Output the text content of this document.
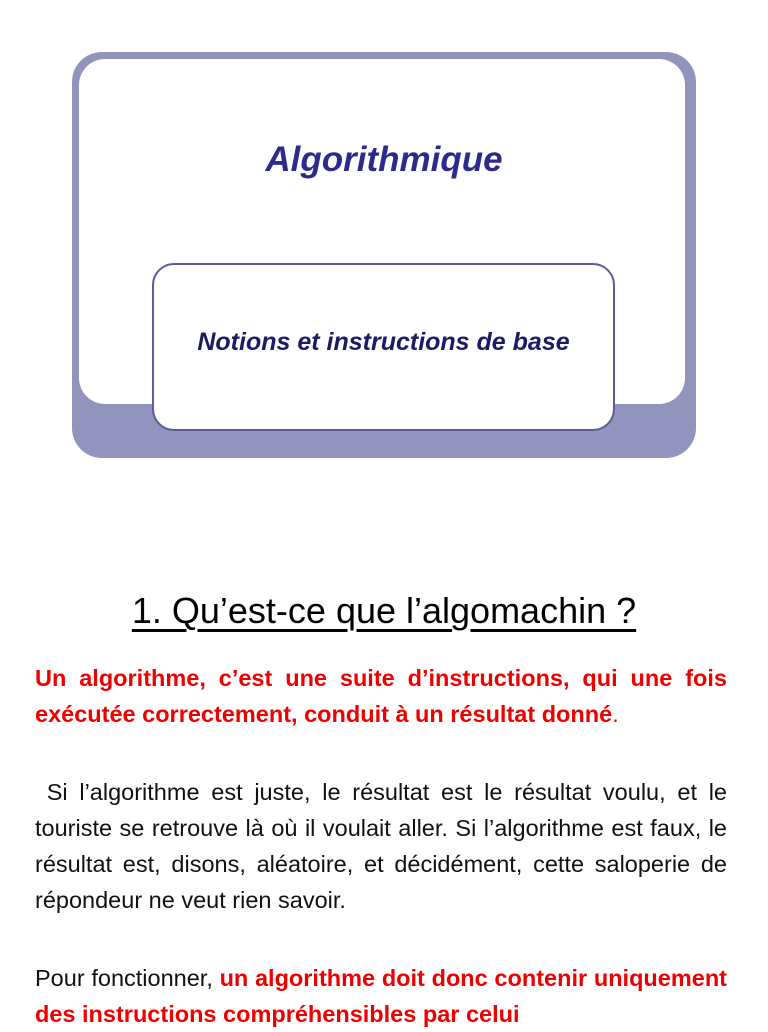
Algorithmique

Notions et instructions de base

1. Qu’est-ce que l’algomachin ?

Un algorithme, c’est une suite d’instructions, qui une fois exécutée correctement, conduit à un résultat donné.

Si l’algorithme est juste, le résultat est le résultat voulu, et le touriste se retrouve là où il voulait aller. Si l’algorithme est faux, le résultat est, disons, aléatoire, et décidément, cette saloperie de répondeur ne veut rien savoir.

Pour fonctionner, un algorithme doit donc contenir uniquement des instructions compréhensibles par celui
